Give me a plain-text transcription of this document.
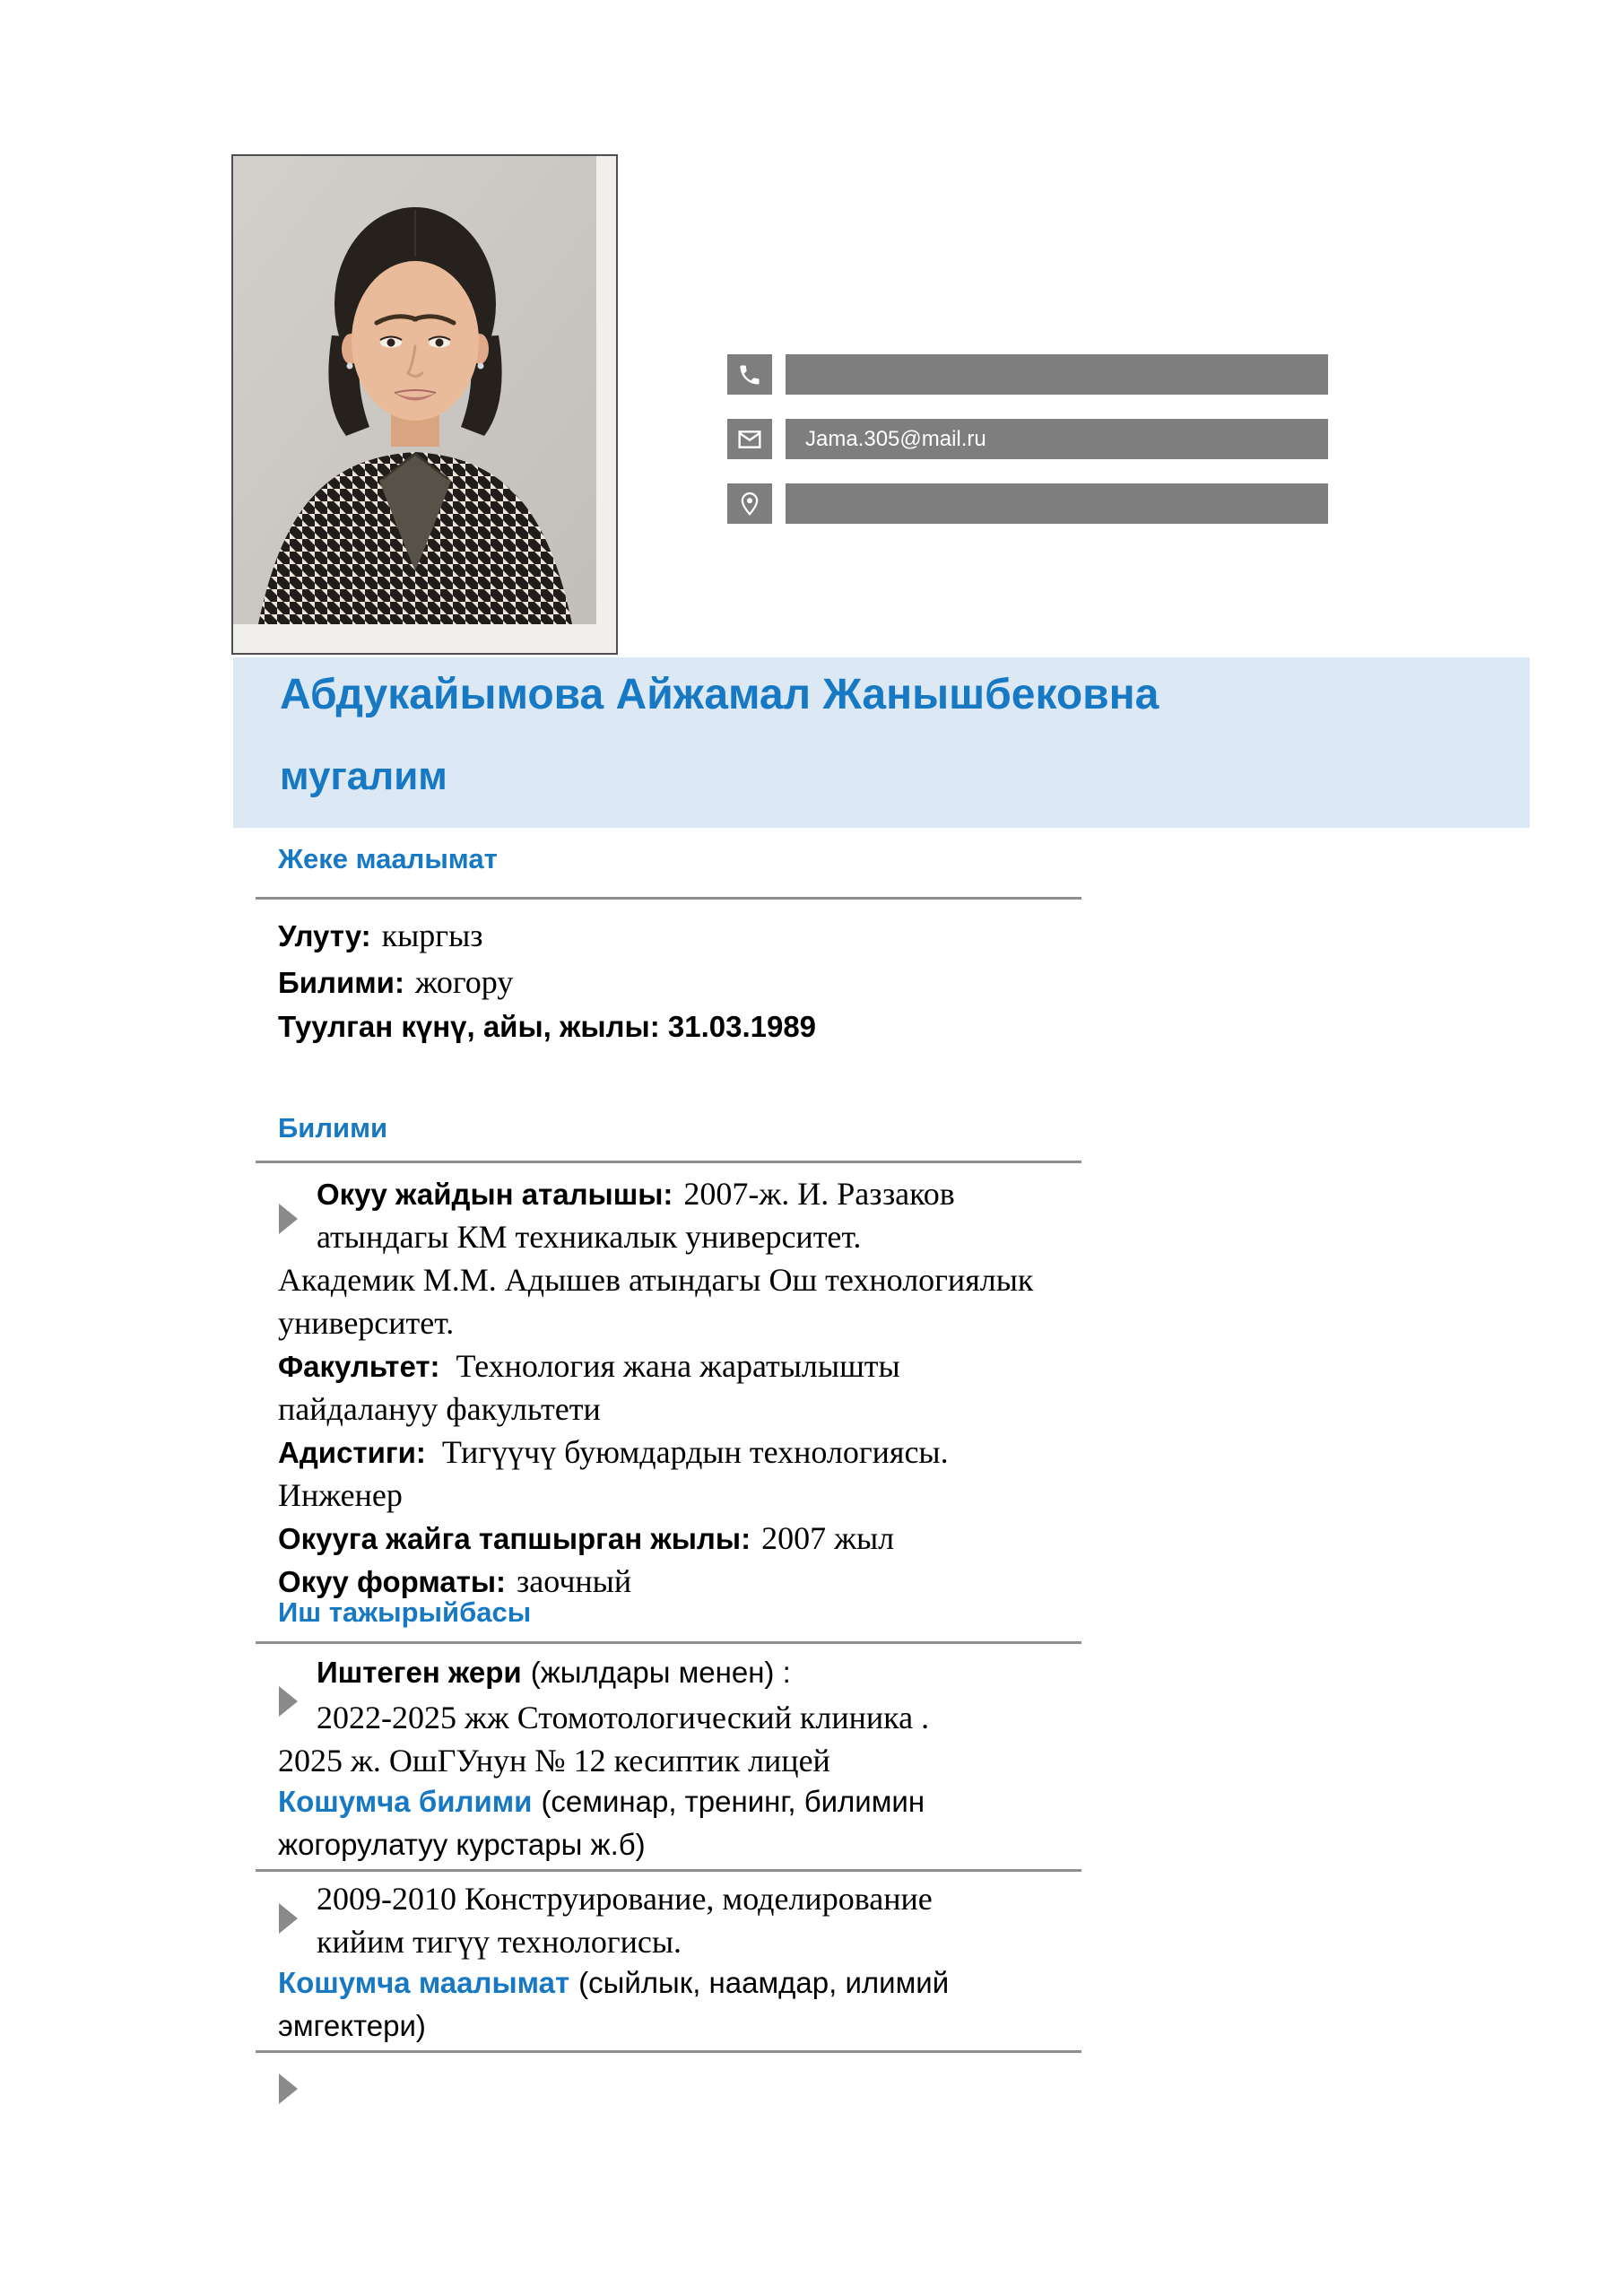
Jama.305@mail.ru
Абдукайымова Айжамал Жанышбековна
мугалим
Жеке маалымат
Улуту: кыргыз
Билими: жогору
Туулган күнү, айы, жылы: 31.03.1989
Билими
Окуу жайдын аталышы: 2007-ж. И. Раззаков
атындагы КМ техникалык университет.
Академик М.М. Адышев атындагы Ош технологиялык
университет.
Факультет: Технология жана жаратылышты
пайдалануу факультети
Адистиги: Тигүүчү буюмдардын технологиясы.
Инженер
Окууга жайга тапшырган жылы: 2007 жыл
Окуу форматы: заочный
Иш тажырыйбасы
Иштеген жери (жылдары менен) :
2022-2025 жж Стомотологический клиника .
2025 ж. ОшГУнун № 12 кесиптик лицей
Кошумча билими (семинар, тренинг, билимин
жогорулатуу курстары ж.б)
2009-2010 Конструирование, моделирование
кийим тигүү технологисы.
Кошумча маалымат (сыйлык, наамдар, илимий
эмгектери)
